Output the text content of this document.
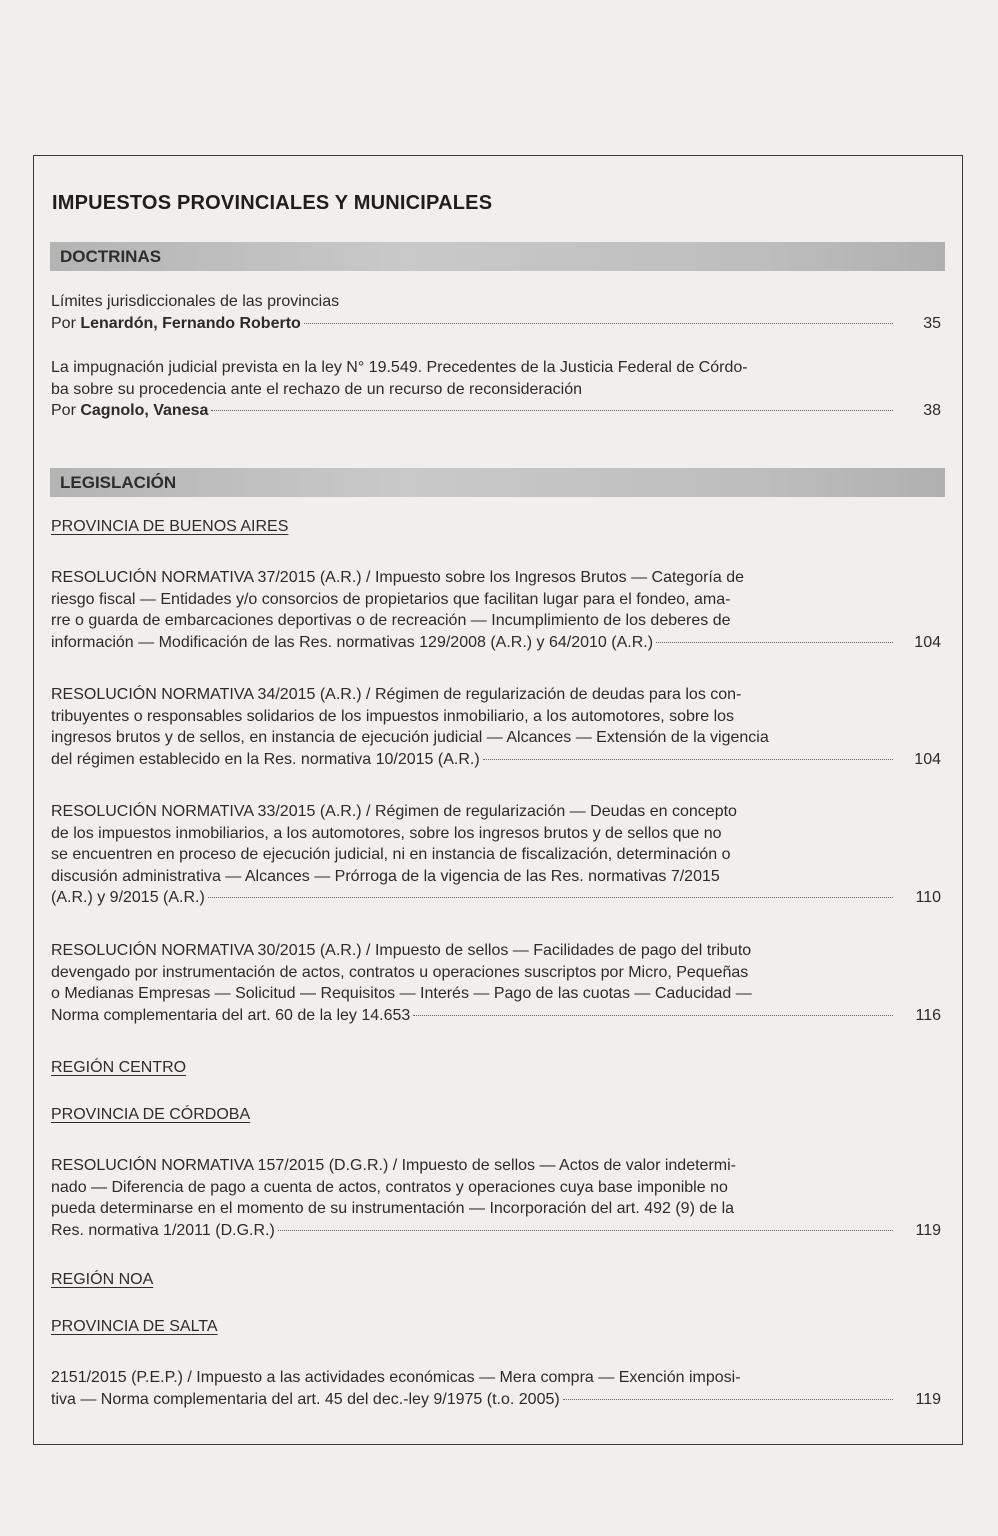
IMPUESTOS PROVINCIALES Y MUNICIPALES
DOCTRINAS
Límites jurisdiccionales de las provincias
Por Lenardón, Fernando Roberto	35
La impugnación judicial prevista en la ley N° 19.549. Precedentes de la Justicia Federal de Córdo-
ba sobre su procedencia ante el rechazo de un recurso de reconsideración
Por Cagnolo, Vanesa	38
LEGISLACIÓN
PROVINCIA DE BUENOS AIRES
RESOLUCIÓN NORMATIVA 37/2015 (A.R.) / Impuesto sobre los Ingresos Brutos — Categoría de
riesgo fiscal — Entidades y/o consorcios de propietarios que facilitan lugar para el fondeo, ama-
rre o guarda de embarcaciones deportivas o de recreación — Incumplimiento de los deberes de
información — Modificación de las Res. normativas 129/2008 (A.R.) y 64/2010 (A.R.)	104
RESOLUCIÓN NORMATIVA 34/2015 (A.R.) / Régimen de regularización de deudas para los con-
tribuyentes o responsables solidarios de los impuestos inmobiliario, a los automotores, sobre los
ingresos brutos y de sellos, en instancia de ejecución judicial — Alcances — Extensión de la vigencia
del régimen establecido en la Res. normativa 10/2015 (A.R.)	104
RESOLUCIÓN NORMATIVA 33/2015 (A.R.) / Régimen de regularización — Deudas en concepto
de los impuestos inmobiliarios, a los automotores, sobre los ingresos brutos y de sellos que no
se encuentren en proceso de ejecución judicial, ni en instancia de fiscalización, determinación o
discusión administrativa — Alcances — Prórroga de la vigencia de las Res. normativas 7/2015
(A.R.) y 9/2015 (A.R.)	110
RESOLUCIÓN NORMATIVA 30/2015 (A.R.) / Impuesto de sellos — Facilidades de pago del tributo
devengado por instrumentación de actos, contratos u operaciones suscriptos por Micro, Pequeñas
o Medianas Empresas — Solicitud — Requisitos — Interés — Pago de las cuotas — Caducidad —
Norma complementaria del art. 60 de la ley 14.653	116
REGIÓN CENTRO
PROVINCIA DE CÓRDOBA
RESOLUCIÓN NORMATIVA 157/2015 (D.G.R.) / Impuesto de sellos — Actos de valor indetermi-
nado — Diferencia de pago a cuenta de actos, contratos y operaciones cuya base imponible no
pueda determinarse en el momento de su instrumentación — Incorporación del art. 492 (9) de la
Res. normativa 1/2011 (D.G.R.)	119
REGIÓN NOA
PROVINCIA DE SALTA
2151/2015 (P.E.P.) / Impuesto a las actividades económicas — Mera compra — Exención imposi-
tiva — Norma complementaria del art. 45 del dec.-ley 9/1975 (t.o. 2005)	119
